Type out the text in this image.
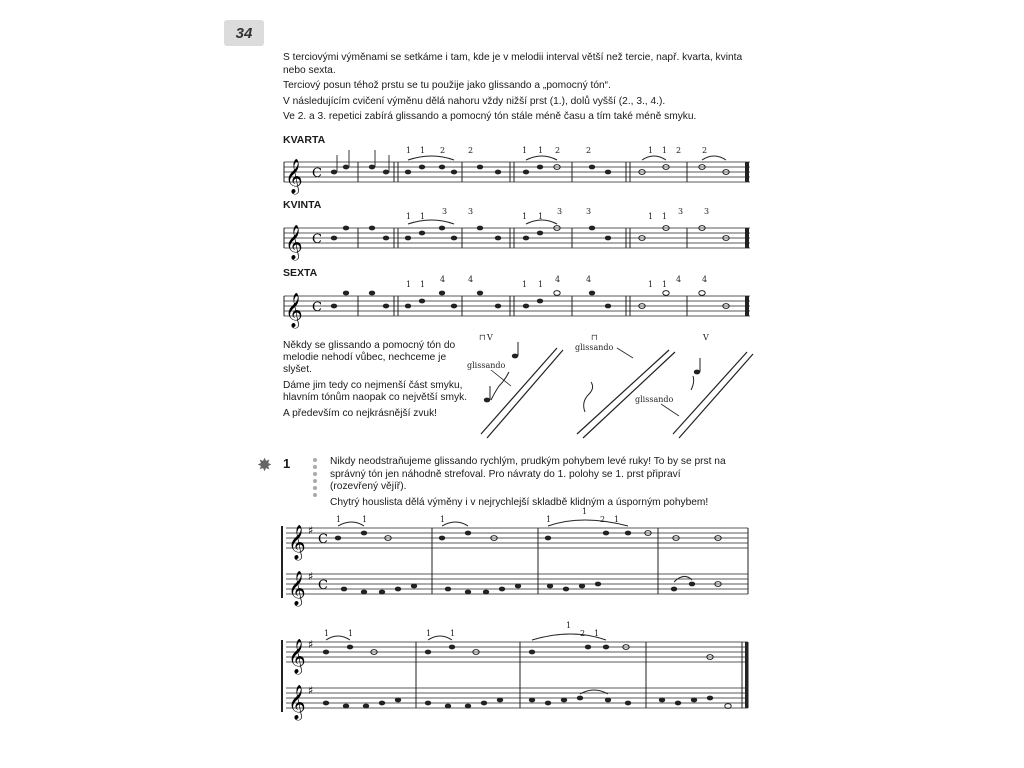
34

S terciovými výměnami se setkáme i tam, kde je v melodii interval větší než tercie, např. kvarta, kvinta nebo sexta.

Terciový posun téhož prstu se tu použije jako glissando a „pomocný tón“.

V následujícím cvičení výměnu dělá nahoru vždy nižší prst (1.), dolů vyšší (2., 3., 4.).

Ve 2. a 3. repetici zabírá glissando a pomocný tón stále méně času a tím také méně smyku.

KVARTA
KVINTA
SEXTA
𝄞 C
1 1 2	2	1 1 2	2	1 1 2	2
𝄞 C
1 1
3	3
1 1
3	3
1 1
3	3
𝄞 C
1 1
4	4
1 1
4	4
1 1
4	4

Někdy se glissando a pomocný tón do melodie nehodí vůbec, nechceme je slyšet.

Dáme jim tedy co nejmenší část smyku, hlavním tónům naopak co největší smyk.

A především co nejkrásnější zvuk!

⊓ V
glissando
⊓
glissando
V
glissando
✸ 1	Nikdy neodstraňujeme glissando rychlým, prudkým pohybem levé ruky! To by se prst na správný tón jen náhodně strefoval. Pro návraty do 1. polohy se 1. prst připraví (rozevřený vějíř).

Chytrý houslista dělá výměny i v nejrychlejší skladbě klidným a úsporným pohybem!

𝄞
𝄞
♯
♯
C
C
1	1	1	1
1
2 1
𝄞
𝄞
♯
♯
1 1	1 1
1
2 1
